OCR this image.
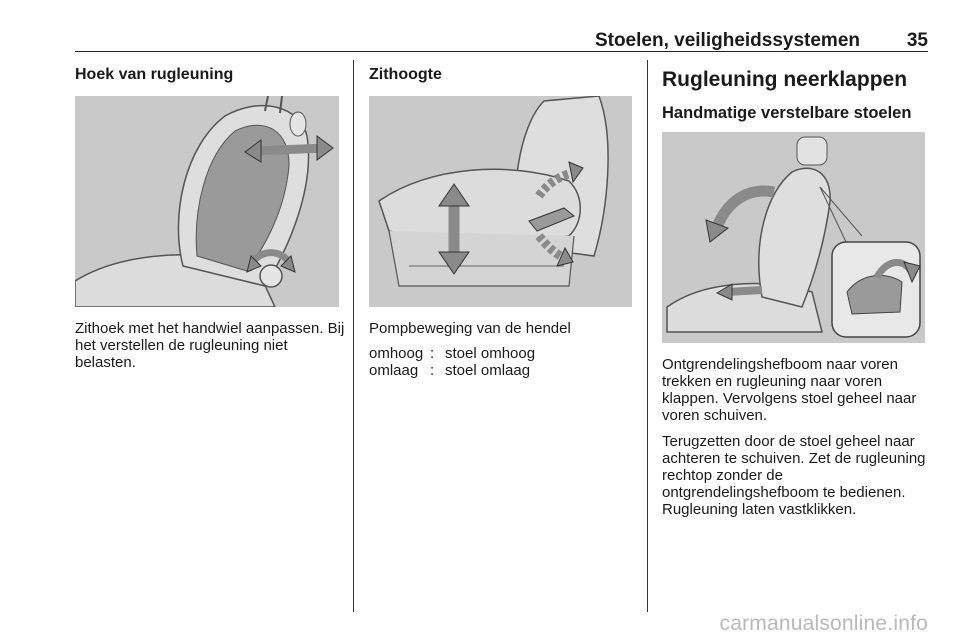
Stoelen, veiligheidssystemen	35
Hoek van rugleuning
Zithoek met het handwiel aanpassen. Bij het verstellen de rugleuning niet belasten.
Zithoogte
Pompbeweging van de hendel
omhoog	:	stoel omhoog
omlaag	:	stoel omlaag
Rugleuning neerklappen
Handmatige verstelbare stoelen
Ontgrendelingshefboom naar voren trekken en rugleuning naar voren klappen. Vervolgens stoel geheel naar voren schuiven.
Terugzetten door de stoel geheel naar achteren te schuiven. Zet de rugleuning rechtop zonder de ontgrendelingshefboom te bedienen. Rugleuning laten vastklikken.
carmanualsonline.info
